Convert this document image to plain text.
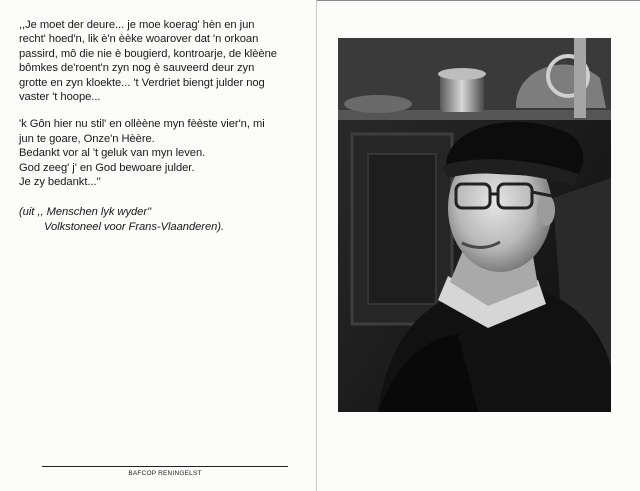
,,Je moet der deure... je moe koerag' hèn en jun
recht' hoed'n, lik è'n èèke woarover dat 'n orkoan
passird, mô die nie è bougierd, kontroarje, de klèène
bômkes de'roent'n zyn nog è sauveerd deur zyn
grotte en zyn kloekte... 't Verdriet biengt julder nog
vaster 't hoope...

'k Gôn hier nu stil' en ollèène myn fèèste vier'n, mi
jun te goare, Onze'n Hèère.
Bedankt vor al 't geluk van myn leven.
God zeeg' j' en God bewoare julder.
Je zy bedankt...''

(uit ,, Menschen lyk wyder''
Volkstoneel voor Frans-Vlaanderen).

BAFCOP RENINGELST
